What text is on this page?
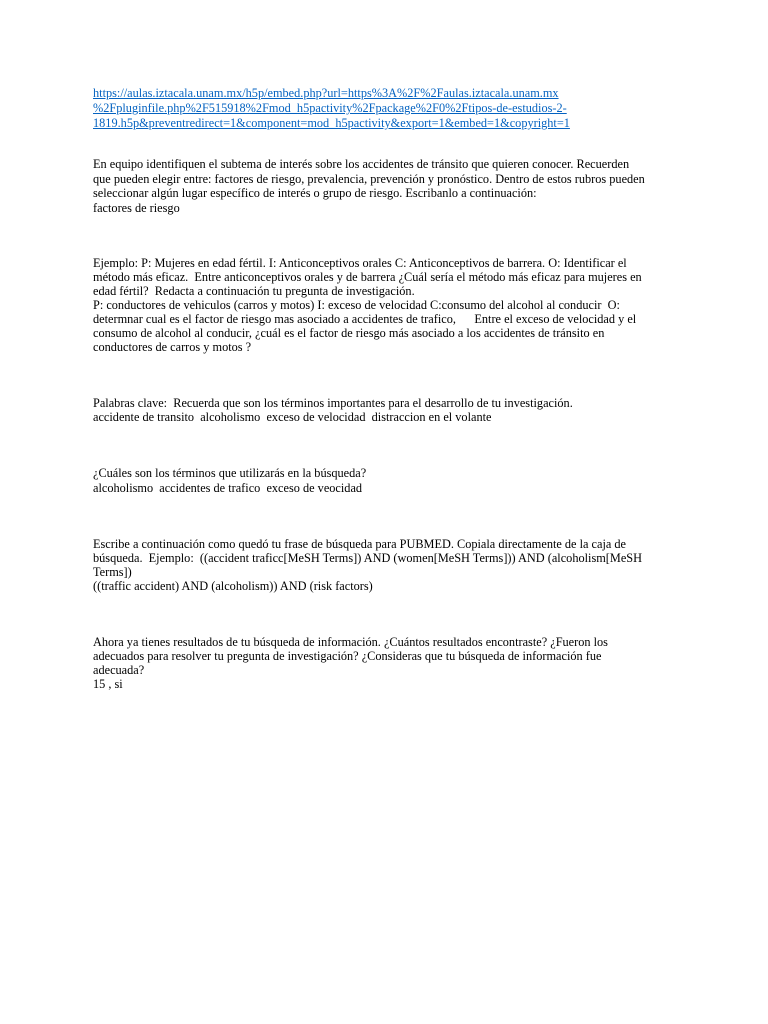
https://aulas.iztacala.unam.mx/h5p/embed.php?url=https%3A%2F%2Faulas.iztacala.unam.mx
%2Fpluginfile.php%2F515918%2Fmod_h5pactivity%2Fpackage%2F0%2Ftipos-de-estudios-2-
1819.h5p&preventredirect=1&component=mod_h5pactivity&export=1&embed=1&copyright=1
En equipo identifiquen el subtema de interés sobre los accidentes de tránsito que quieren conocer. Recuerden
que pueden elegir entre: factores de riesgo, prevalencia, prevención y pronóstico. Dentro de estos rubros pueden
seleccionar algún lugar específico de interés o grupo de riesgo. Escribanlo a continuación:
factores de riesgo
Ejemplo: P: Mujeres en edad fértil. I: Anticonceptivos orales C: Anticonceptivos de barrera. O: Identificar el
método más eficaz.  Entre anticonceptivos orales y de barrera ¿Cuál sería el método más eficaz para mujeres en
edad fértil?  Redacta a continuación tu pregunta de investigación.
P: conductores de vehiculos (carros y motos) I: exceso de velocidad C:consumo del alcohol al conducir  O:
determnar cual es el factor de riesgo mas asociado a accidentes de trafico,      Entre el exceso de velocidad y el
consumo de alcohol al conducir, ¿cuál es el factor de riesgo más asociado a los accidentes de tránsito en
conductores de carros y motos ?
Palabras clave:  Recuerda que son los términos importantes para el desarrollo de tu investigación.
accidente de transito  alcoholismo  exceso de velocidad  distraccion en el volante
¿Cuáles son los términos que utilizarás en la búsqueda?
alcoholismo  accidentes de trafico  exceso de veocidad
Escribe a continuación como quedó tu frase de búsqueda para PUBMED. Copiala directamente de la caja de
búsqueda.  Ejemplo:  ((accident traficc[MeSH Terms]) AND (women[MeSH Terms])) AND (alcoholism[MeSH
Terms])
((traffic accident) AND (alcoholism)) AND (risk factors)
Ahora ya tienes resultados de tu búsqueda de información. ¿Cuántos resultados encontraste? ¿Fueron los
adecuados para resolver tu pregunta de investigación? ¿Consideras que tu búsqueda de información fue
adecuada?
15 , si
